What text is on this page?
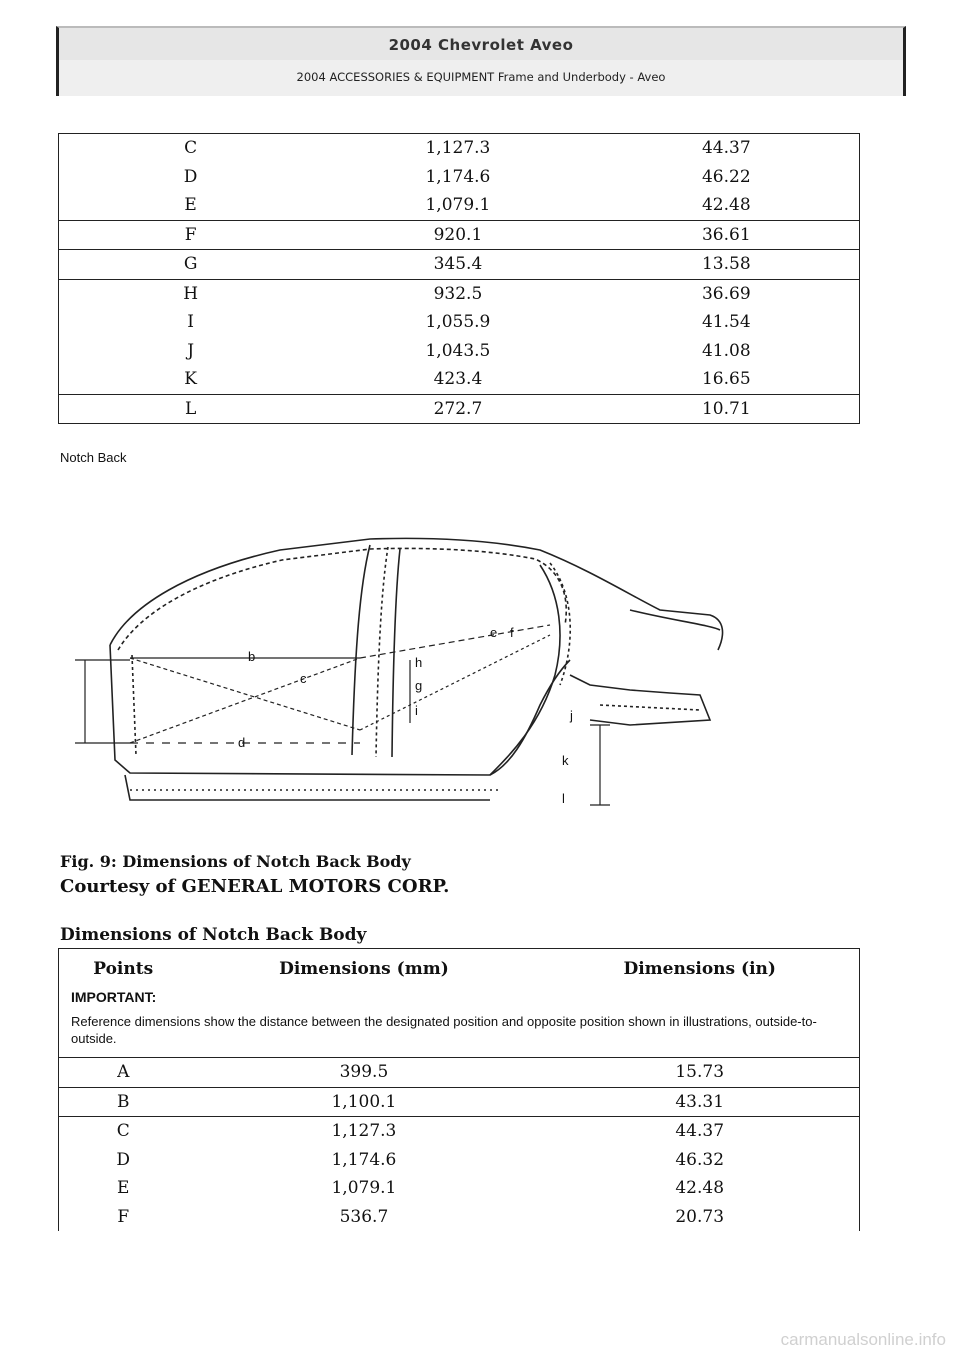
2004 Chevrolet Aveo
2004 ACCESSORIES & EQUIPMENT Frame and Underbody - Aveo
C	1,127.3	44.37
D	1,174.6	46.22
E	1,079.1	42.48
F	920.1	36.61
G	345.4	13.58
H	932.5	36.69
I	1,055.9	41.54
J	1,043.5	41.08
K	423.4	16.65
L	272.7	10.71
Notch Back
b
c
d
e f
g
h
i	j
k
l
Fig. 9: Dimensions of Notch Back Body
Courtesy of GENERAL MOTORS CORP.
Dimensions of Notch Back Body
Points	Dimensions (mm)	Dimensions (in)

IMPORTANT:
Reference dimensions show the distance between the designated position and opposite position shown in illustrations, outside-to-outside.		

A	399.5	15.73
B	1,100.1	43.31
C	1,127.3	44.37
D	1,174.6	46.32
E	1,079.1	42.48
F	536.7	20.73
carmanualsonline.info
